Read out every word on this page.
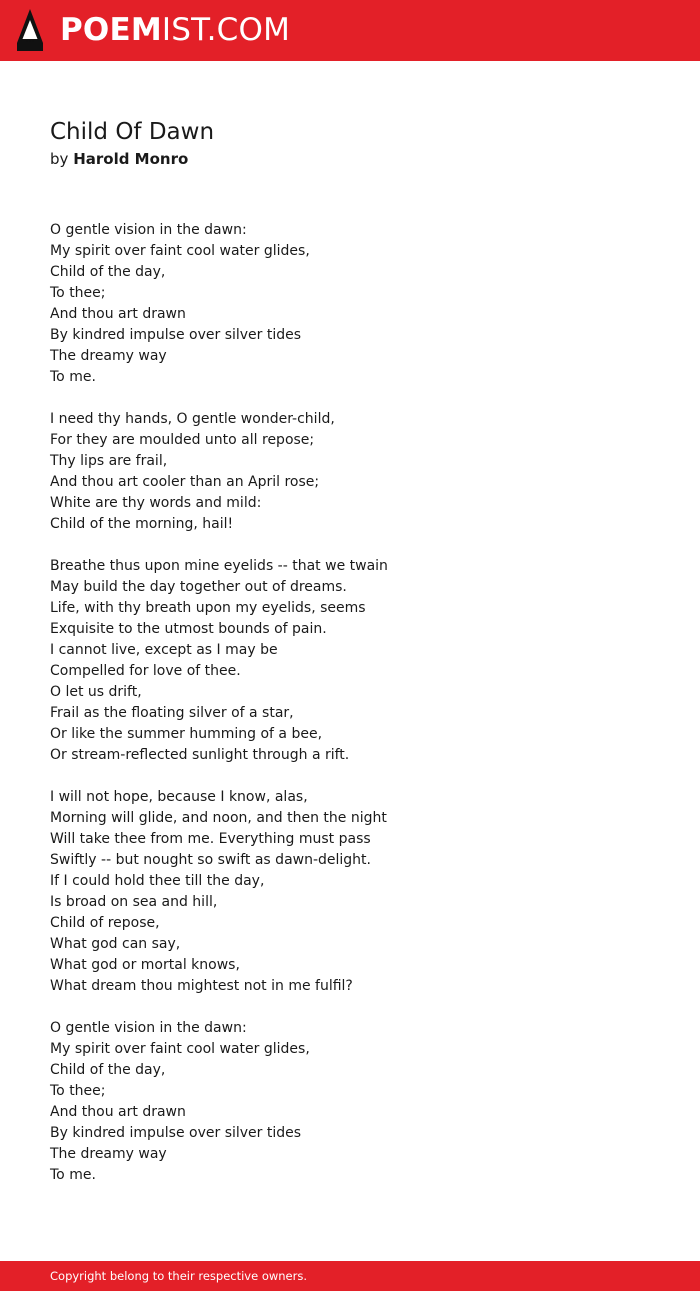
POEMIST.COM
Child Of Dawn
by Harold Monro
O gentle vision in the dawn:
My spirit over faint cool water glides,
Child of the day,
To thee;
And thou art drawn
By kindred impulse over silver tides
The dreamy way
To me.
I need thy hands, O gentle wonder-child,
For they are moulded unto all repose;
Thy lips are frail,
And thou art cooler than an April rose;
White are thy words and mild:
Child of the morning, hail!
Breathe thus upon mine eyelids -- that we twain
May build the day together out of dreams.
Life, with thy breath upon my eyelids, seems
Exquisite to the utmost bounds of pain.
I cannot live, except as I may be
Compelled for love of thee.
O let us drift,
Frail as the floating silver of a star,
Or like the summer humming of a bee,
Or stream-reflected sunlight through a rift.
I will not hope, because I know, alas,
Morning will glide, and noon, and then the night
Will take thee from me. Everything must pass
Swiftly -- but nought so swift as dawn-delight.
If I could hold thee till the day,
Is broad on sea and hill,
Child of repose,
What god can say,
What god or mortal knows,
What dream thou mightest not in me fulfil?
O gentle vision in the dawn:
My spirit over faint cool water glides,
Child of the day,
To thee;
And thou art drawn
By kindred impulse over silver tides
The dreamy way
To me.
Copyright belong to their respective owners.
